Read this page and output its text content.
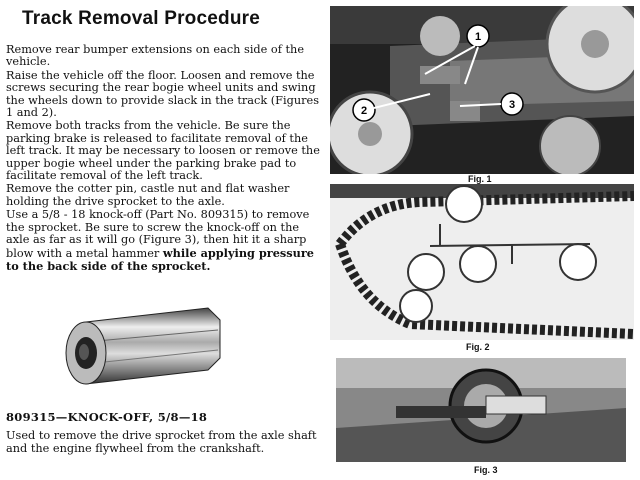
Track Removal Procedure

Remove rear bumper extensions on each side of the vehicle.

Raise the vehicle off the floor. Loosen and remove the screws securing the rear bogie wheel units and swing the wheels down to provide slack in the track (Figures 1 and 2).

Remove both tracks from the vehicle. Be sure the parking brake is released to facilitate removal of the left track. It may be necessary to loosen or remove the upper bogie wheel under the parking brake pad to facilitate removal of the left track.

Remove the cotter pin, castle nut and flat washer holding the drive sprocket to the axle.

Use a 5/8 - 18 knock-off (Part No. 809315) to remove the sprocket. Be sure to screw the knock-off on the axle as far as it will go (Figure 3), then hit it a sharp blow with a metal hammer while applying pressure to the back side of the sprocket.

809315—KNOCK-OFF, 5/8—18
Used to remove the drive sprocket from the axle shaft and the engine flywheel from the crankshaft.
1
2	3
Fig. 1
Fig. 2
Fig. 3
